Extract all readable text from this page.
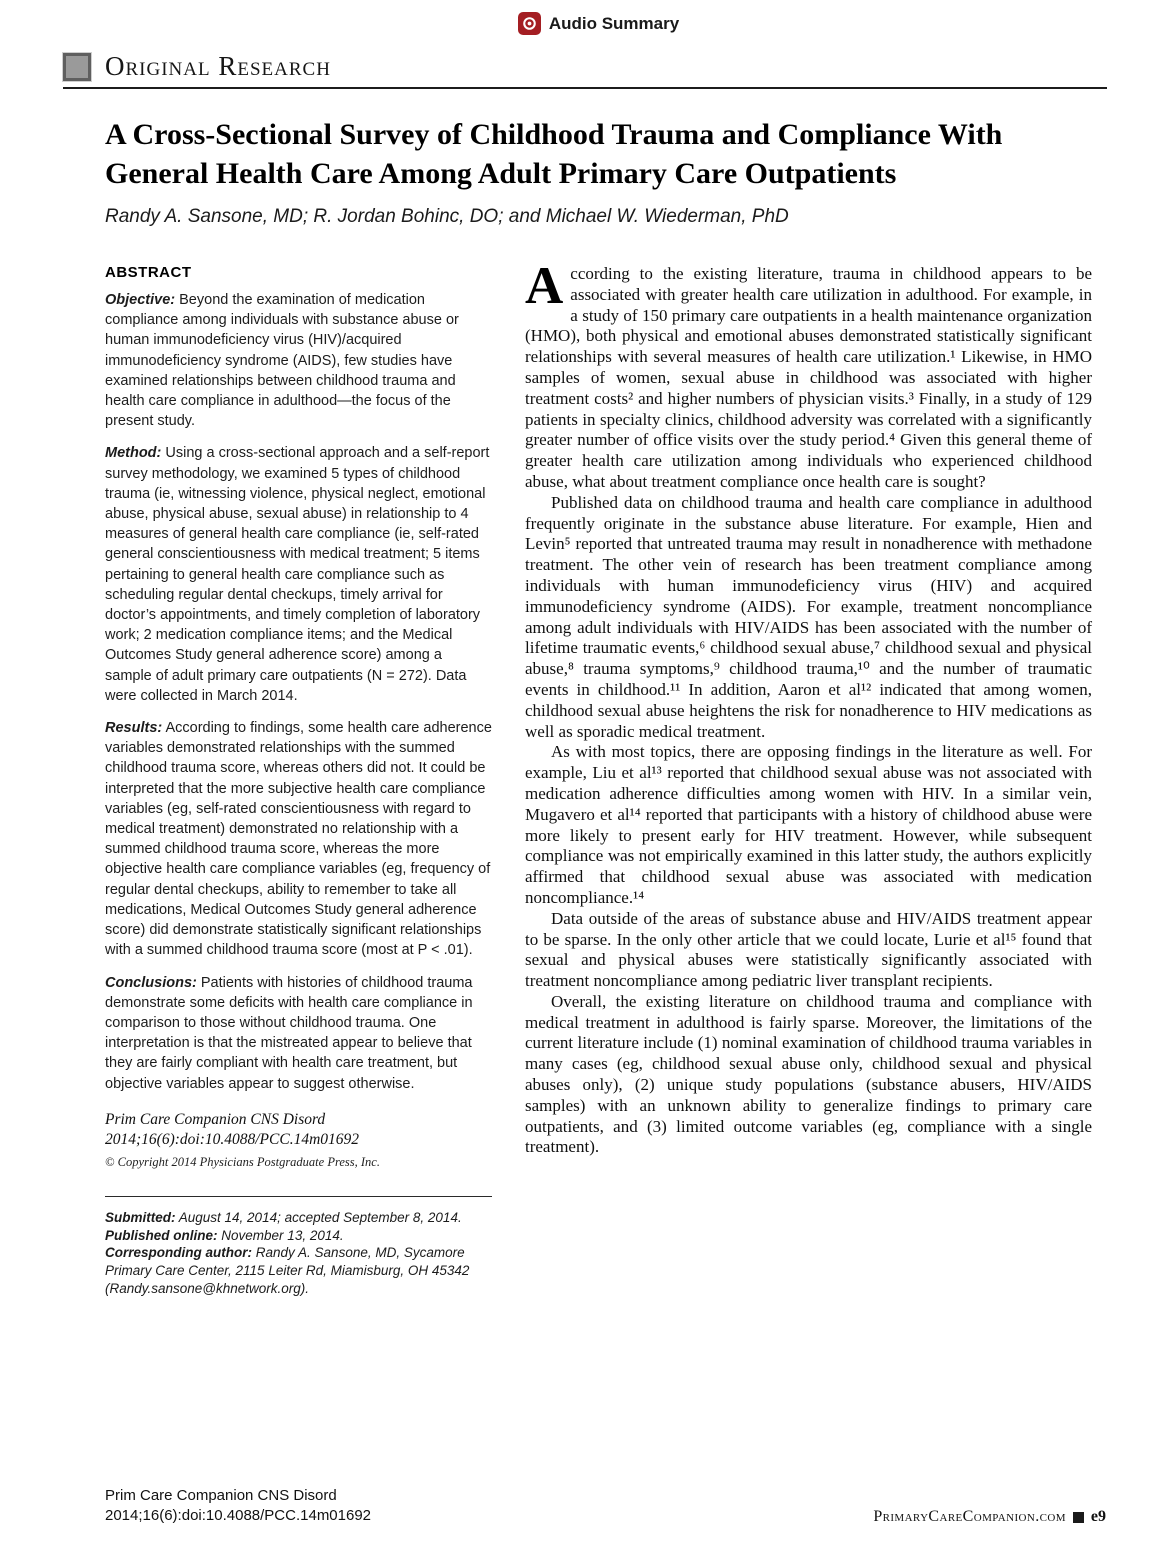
Audio Summary
Original Research
A Cross-Sectional Survey of Childhood Trauma and Compliance With General Health Care Among Adult Primary Care Outpatients
Randy A. Sansone, MD; R. Jordan Bohinc, DO; and Michael W. Wiederman, PhD
ABSTRACT

Objective: Beyond the examination of medication compliance among individuals with substance abuse or human immunodeficiency virus (HIV)/acquired immunodeficiency syndrome (AIDS), few studies have examined relationships between childhood trauma and health care compliance in adulthood—the focus of the present study.

Method: Using a cross-sectional approach and a self-report survey methodology, we examined 5 types of childhood trauma (ie, witnessing violence, physical neglect, emotional abuse, physical abuse, sexual abuse) in relationship to 4 measures of general health care compliance (ie, self-rated general conscientiousness with medical treatment; 5 items pertaining to general health care compliance such as scheduling regular dental checkups, timely arrival for doctor’s appointments, and timely completion of laboratory work; 2 medication compliance items; and the Medical Outcomes Study general adherence score) among a sample of adult primary care outpatients (N = 272). Data were collected in March 2014.

Results: According to findings, some health care adherence variables demonstrated relationships with the summed childhood trauma score, whereas others did not. It could be interpreted that the more subjective health care compliance variables (eg, self-rated conscientiousness with regard to medical treatment) demonstrated no relationship with a summed childhood trauma score, whereas the more objective health care compliance variables (eg, frequency of regular dental checkups, ability to remember to take all medications, Medical Outcomes Study general adherence score) did demonstrate statistically significant relationships with a summed childhood trauma score (most at P < .01).

Conclusions: Patients with histories of childhood trauma demonstrate some deficits with health care compliance in comparison to those without childhood trauma. One interpretation is that the mistreated appear to believe that they are fairly compliant with health care treatment, but objective variables appear to suggest otherwise.

Prim Care Companion CNS Disord 2014;16(6):doi:10.4088/PCC.14m01692

© Copyright 2014 Physicians Postgraduate Press, Inc.

Submitted: August 14, 2014; accepted September 8, 2014.

Published online: November 13, 2014.

Corresponding author: Randy A. Sansone, MD, Sycamore Primary Care Center, 2115 Leiter Rd, Miamisburg, OH 45342 (Randy.sansone@khnetwork.org).

A ccording to the existing literature, trauma in childhood appears to be associated with greater health care utilization in adulthood. For example, in a study of 150 primary care outpatients in a health maintenance organization (HMO), both physical and emotional abuses demonstrated statistically significant relationships with several measures of health care utilization.¹ Likewise, in HMO samples of women, sexual abuse in childhood was associated with higher treatment costs² and higher numbers of physician visits.³ Finally, in a study of 129 patients in specialty clinics, childhood adversity was correlated with a significantly greater number of office visits over the study period.⁴ Given this general theme of greater health care utilization among individuals who experienced childhood abuse, what about treatment compliance once health care is sought?

Published data on childhood trauma and health care compliance in adulthood frequently originate in the substance abuse literature. For example, Hien and Levin⁵ reported that untreated trauma may result in nonadherence with methadone treatment. The other vein of research has been treatment compliance among individuals with human immunodeficiency virus (HIV) and acquired immunodeficiency syndrome (AIDS). For example, treatment noncompliance among adult individuals with HIV/AIDS has been associated with the number of lifetime traumatic events,⁶ childhood sexual abuse,⁷ childhood sexual and physical abuse,⁸ trauma symptoms,⁹ childhood trauma,¹⁰ and the number of traumatic events in childhood.¹¹ In addition, Aaron et al¹² indicated that among women, childhood sexual abuse heightens the risk for nonadherence to HIV medications as well as sporadic medical treatment.

As with most topics, there are opposing findings in the literature as well. For example, Liu et al¹³ reported that childhood sexual abuse was not associated with medication adherence difficulties among women with HIV. In a similar vein, Mugavero et al¹⁴ reported that participants with a history of childhood abuse were more likely to present early for HIV treatment. However, while subsequent compliance was not empirically examined in this latter study, the authors explicitly affirmed that childhood sexual abuse was associated with medication noncompliance.¹⁴

Data outside of the areas of substance abuse and HIV/AIDS treatment appear to be sparse. In the only other article that we could locate, Lurie et al¹⁵ found that sexual and physical abuses were statistically significantly associated with treatment noncompliance among pediatric liver transplant recipients.

Overall, the existing literature on childhood trauma and compliance with medical treatment in adulthood is fairly sparse. Moreover, the limitations of the current literature include (1) nominal examination of childhood trauma variables in many cases (eg, childhood sexual abuse only, childhood sexual and physical abuses only), (2) unique study populations (substance abusers, HIV/AIDS samples) with an unknown ability to generalize findings to primary care outpatients, and (3) limited outcome variables (eg, compliance with a single treatment).

Prim Care Companion CNS Disord
2014;16(6):doi:10.4088/PCC.14m01692	PrimaryCareCompanion.com e9
